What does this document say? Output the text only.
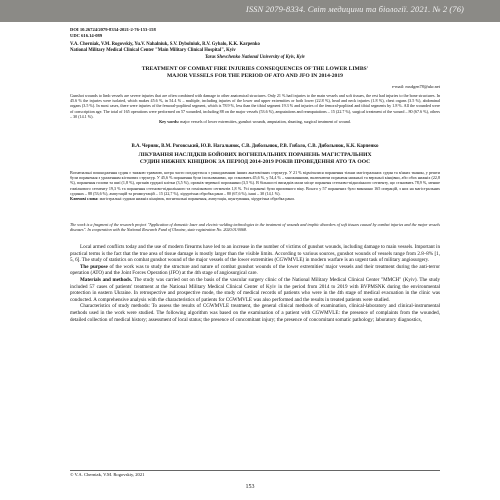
ISSN 2079-8334. Світ медицини та біології. 2021. № 2 (76)
DOI 10.26724/2079-8334-2021-2-76-153-158
UDC 616.14-089
V.A. Cherniak, V.M. Rogovskiy, Yu.V. Nahalniuk, S.V. Dybolniuk, R.V. Gybalo, K.K. Karpenko
National Military Medical Clinical Center "Main Military Clinical Hospital", Kyiv
Taras Shevchenko National University of Kyiv, Kyiv
TREATMENT OF COMBAT FIRE INJURIES CONSEQUENCES OF THE LOWER LIMBS'
MAJOR VESSELS FOR THE PERIOD OF ATO AND JFO IN 2014-2019
e-mail: mxdgen78@ukr.net
Gunshot wounds to limb vessels are severe injuries that are often combined with damage to other anatomical structures. Only 21 % had injuries to the main vessels and soft tissues, the rest had injuries to the bone structures. In 45.6 % the injuries were isolated, which makes 45.6 %, in 54.4 % – multiple, including injuries of the lower and upper extremities or both lower (22.8 %), head and neck injuries (1.8 %), chest organs (3.5 %), abdominal organs (3.5 %). In most cases, there were injuries of the femoral-popliteal segment, which is 78.9 %, less than the tibial segment 19.3 % and injuries of the femoral-popliteal and tibial segments by 1.8 %. All the wounded were of conscription age. The total of 165 operations were performed on 57 wounded, including 88 on the major vessels (53.6 %), amputations and reamputations – 15 (22.7 %), surgical treatment of the wound – 80 (67.6 %), others – 30 (14.1 %).
Key words: major vessels of lower extremities, gunshot wounds, amputation, shunting, surgical treatment of wound.
В.А. Черняк, В.М. Роговський, Ю.В. Нагальнюк, С.В. Дибольнюк, Р.В. Гибало, С.В. Дибольнюк, К.К. Карпенко
ЛІКУВАННЯ НАСЛІДКІВ БОЙОВИХ ВОГНЕПАЛЬНИХ ПОРАНЕНЬ МАГІСТРАЛЬНИХ
СУДИН НИЖНІХ КІНЦІВОК ЗА ПЕРІОД 2014-2019 РОКІВ ПРОВЕДЕННЯ АТО ТА ООС
Вогнепальні пошкодження судин є тяжкою травмою, котра часто поєднується з ушкодженням інших анатомічних структур. У 21 % відмічалися поранення тільки магістральних судин та м'яких тканин, у решти були поранення з ураженням кісткових структур. У 45,6 % поранення були ізольованими, що становить 45,6 %, у 54,4 % – множинними, включаючи пораненя нижньої та верхньої кінцівки, або обох нижніх (22,8 %), поранення голови та шиї (1,8 %), органів грудної клітки (3,5 %), органів черевної порожнини (3,5 %). В більшості випадків мали місце пораненя стегново-підколінного сегменту, що становить 78,9 %, менше гомілкового сегменту 19,3 % та поранення стегново-підколінного та гомілкового сегментів 1,8 %. Усі поранені були призовного віку. Всього у 57 поранених було виконано 165 операцій, з них на магістральних судинах – 88 (53,6 %), ампутацій та реампутацій – 15 (22,7 %), хірургічна обробка рани – 80 (67,6 %), інші – 30 (14,1 %).
Ключові слова: магістральні судини нижніх кінцівок, вогнепальні поранення, ампутація, шунтування, хірургічна обробка рани.
The work is a fragment of the research project "Application of domestic laser and electric welding technologies in the treatment of wounds and trophic disorders of soft tissues caused by combat injuries and the major vessels diseases". In cooperation with the National Research Fund of Ukraine, state registration No. 2020.01/0068.

Local armed conflicts today and the use of modern firearms have led to an increase in the number of victims of gunshot wounds, including damage to main vessels. Important in practical terms is the fact that the true area of tissue damage is mostly larger than the visible limits. According to various sources, gunshot wounds of vessels range from 2.8–8% [1, 5, 6]. The study of statistics on combat gunshot wound of the major vessels of the lower extremities (CGWMVLE) in modern warfare is an urgent task of military angiosurgery.

The purpose of the work was to study the structure and nature of combat gunshot wounds of the lower extremities' major vessels and their treatment during the anti-terror operation (ATO) and the Joint Forces Operation (JFO) at the 4th stage of angiosurgical care.

Materials and methods. The study was carried out on the basis of the vascular surgery clinic of the National Military Medical Clinical Center "MMCH" (Kyiv). The study included 57 cases of patients' treatment at the National Military Medical Clinical Center of Kyiv in the period from 2014 to 2019 with BVPMSNK during the environmental protection in eastern Ukraine. In retrospective and prospective mode, the study of medical records of patients who were in the 4th stage of medical evacuation in the clinic was conducted. A comprehensive analysis with the characteristics of patients for CGWMVLE was also performed and the results in treated patients were studied.

Characteristics of study methods: To assess the results of CGWMVLE treatment, the general clinical methods of examination, clinical-laboratory and clinical-instrumental methods used in the work were studied. The following algorithm was based on the examination of a patient with CGWMVLE: the presence of complaints from the wounded, detailed collection of medical history; assessment of local status; the presence of concomitant injury; the presence of concomitant somatic pathology; laboratory diagnostics,

© V.A. Cherniak, V.M. Rogovskiy, 2021
153
